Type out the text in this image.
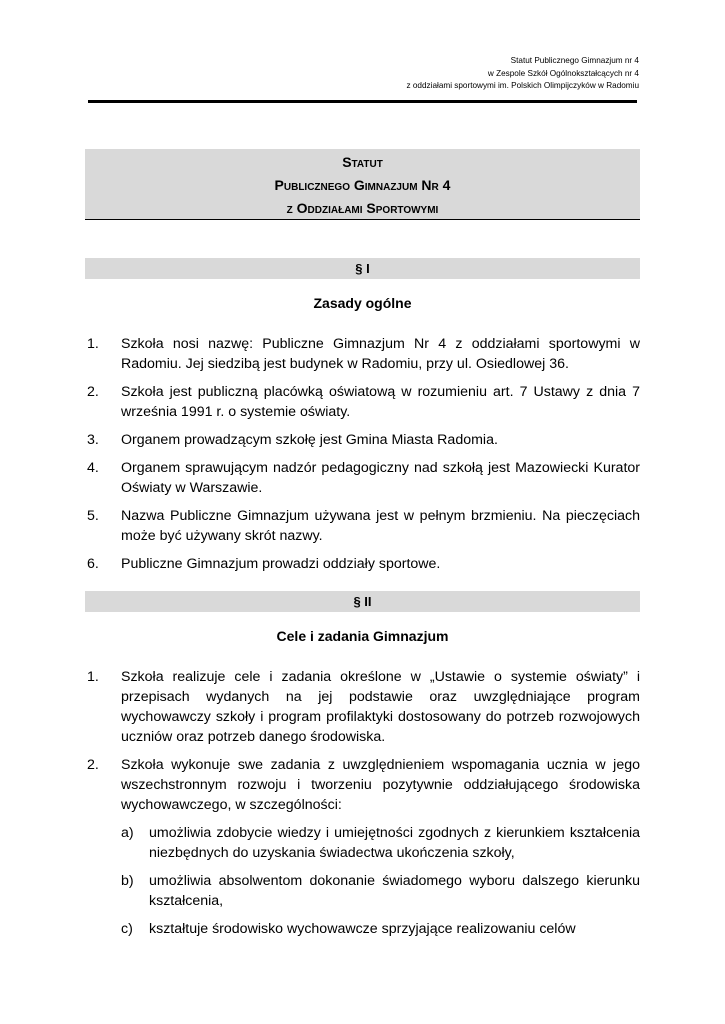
Statut Publicznego Gimnazjum nr 4
w Zespole Szkół Ogólnokształcących nr 4
z oddziałami sportowymi im. Polskich Olimpijczyków w Radomiu
Statut
Publicznego Gimnazjum Nr 4
z Oddziałami Sportowymi
§ I
Zasady ogólne
1. Szkoła nosi nazwę: Publiczne Gimnazjum Nr 4 z oddziałami sportowymi w Radomiu. Jej siedzibą jest budynek w Radomiu, przy ul. Osiedlowej 36.
2. Szkoła jest publiczną placówką oświatową w rozumieniu art. 7 Ustawy z dnia 7 września 1991 r. o systemie oświaty.
3. Organem prowadzącym szkołę jest Gmina Miasta Radomia.
4. Organem sprawującym nadzór pedagogiczny nad szkołą jest Mazowiecki Kurator Oświaty w Warszawie.
5. Nazwa Publiczne Gimnazjum używana jest w pełnym brzmieniu. Na pieczęciach może być używany skrót nazwy.
6. Publiczne Gimnazjum prowadzi oddziały sportowe.
§ II
Cele i zadania Gimnazjum
1. Szkoła realizuje cele i zadania określone w „Ustawie o systemie oświaty” i przepisach wydanych na jej podstawie oraz uwzględniające program wychowawczy szkoły i program profilaktyki dostosowany do potrzeb rozwojowych uczniów oraz potrzeb danego środowiska.
2. Szkoła wykonuje swe zadania z uwzględnieniem wspomagania ucznia w jego wszechstronnym rozwoju i tworzeniu pozytywnie oddziałującego środowiska wychowawczego, w szczególności:
a) umożliwia zdobycie wiedzy i umiejętności zgodnych z kierunkiem kształcenia niezbędnych do uzyskania świadectwa ukończenia szkoły,
b) umożliwia absolwentom dokonanie świadomego wyboru dalszego kierunku kształcenia,
c) kształtuje środowisko wychowawcze sprzyjające realizowaniu celów
